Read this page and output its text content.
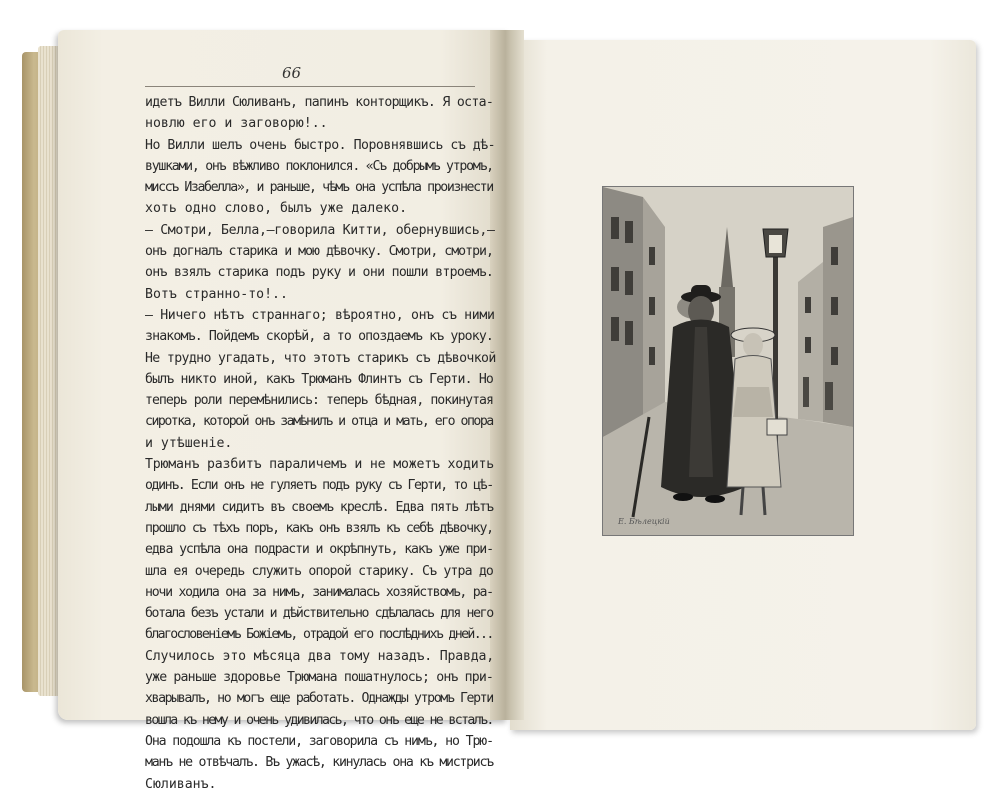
66
идетъ Вилли Сюливанъ, папинъ конторщикъ. Я оста-
новлю его и заговорю!..
Но Вилли шелъ очень быстро. Поровнявшись съ дѣ-
вушками, онъ вѣжливо поклонился. «Съ добрымъ утромъ,
миссъ Изабелла», и раньше, чѣмъ она успѣла произнести
хоть одно слово, былъ уже далеко.
— Смотри, Белла,—говорила Китти, обернувшись,—
онъ догналъ старика и мою дѣвочку. Смотри, смотри,
онъ взялъ старика подъ руку и они пошли втроемъ.
Вотъ странно-то!..
— Ничего нѣтъ страннаго; вѣроятно, онъ съ ними
знакомъ. Пойдемъ скорѣй, а то опоздаемъ къ уроку.
Не трудно угадать, что этотъ старикъ съ дѣвочкой
былъ никто иной, какъ Трюманъ Флинтъ съ Герти. Но
теперь роли перемѣнились: теперь бѣдная, покинутая
сиротка, которой онъ замѣнилъ и отца и мать, его опора
и утѣшеніе.
Трюманъ разбитъ параличемъ и не можетъ ходить
одинъ. Если онъ не гуляетъ подъ руку съ Герти, то цѣ-
лыми днями сидитъ въ своемъ креслѣ. Едва пять лѣтъ
прошло съ тѣхъ поръ, какъ онъ взялъ къ себѣ дѣвочку,
едва успѣла она подрасти и окрѣпнуть, какъ уже при-
шла ея очередь служить опорой старику. Съ утра до
ночи ходила она за нимъ, занималась хозяйствомъ, ра-
ботала безъ устали и дѣйствительно сдѣлалась для него
благословеніемъ Божіемъ, отрадой его послѣднихъ дней...
Случилось это мѣсяца два тому назадъ. Правда,
уже раньше здоровье Трюмана пошатнулось; онъ при-
хварывалъ, но могъ еще работать. Однажды утромъ Герти
вошла къ нему и очень удивилась, что онъ еще не всталъ.
Она подошла къ постели, заговорила съ нимъ, но Трю-
манъ не отвѣчалъ. Въ ужасѣ, кинулась она къ мистрисъ
Сюливанъ.
Е. Бѣлецкій
